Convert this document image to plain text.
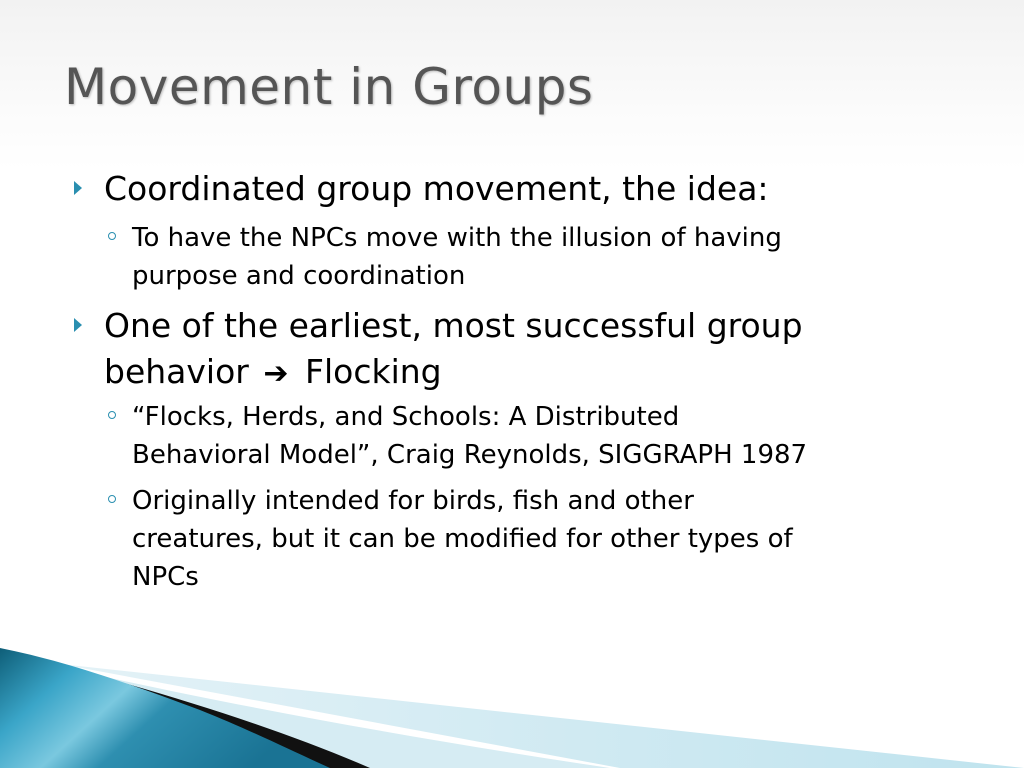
Movement in Groups
Coordinated group movement, the idea:
To have the NPCs move with the illusion of having
purpose and coordination
One of the earliest, most successful group
behavior ➔ Flocking
“Flocks, Herds, and Schools: A Distributed
Behavioral Model”, Craig Reynolds, SIGGRAPH 1987
Originally intended for birds, fish and other
creatures, but it can be modified for other types of
NPCs
